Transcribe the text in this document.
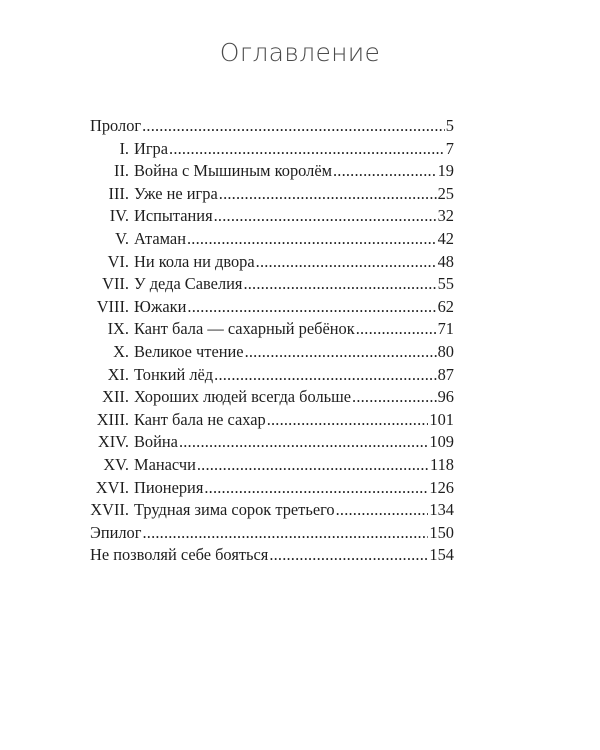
Оглавление
Пролог .....	5
I. Игра .....	7
II. Война с Мышиным королём .....	19
III. Уже не игра .....	25
IV. Испытания .....	32
V. Атаман .....	42
VI. Ни кола ни двора .....	48
VII. У деда Савелия .....	55
VIII. Южаки .....	62
IX. Кант бала — сахарный ребёнок .....	71
X. Великое чтение .....	80
XI. Тонкий лёд .....	87
XII. Хороших людей всегда больше .....	96
XIII. Кант бала не сахар .....	101
XIV. Война .....	109
XV. Манасчи .....	118
XVI. Пионерия .....	126
XVII. Трудная зима сорок третьего .....	134
Эпилог .....	150
Не позволяй себе бояться .....	154
